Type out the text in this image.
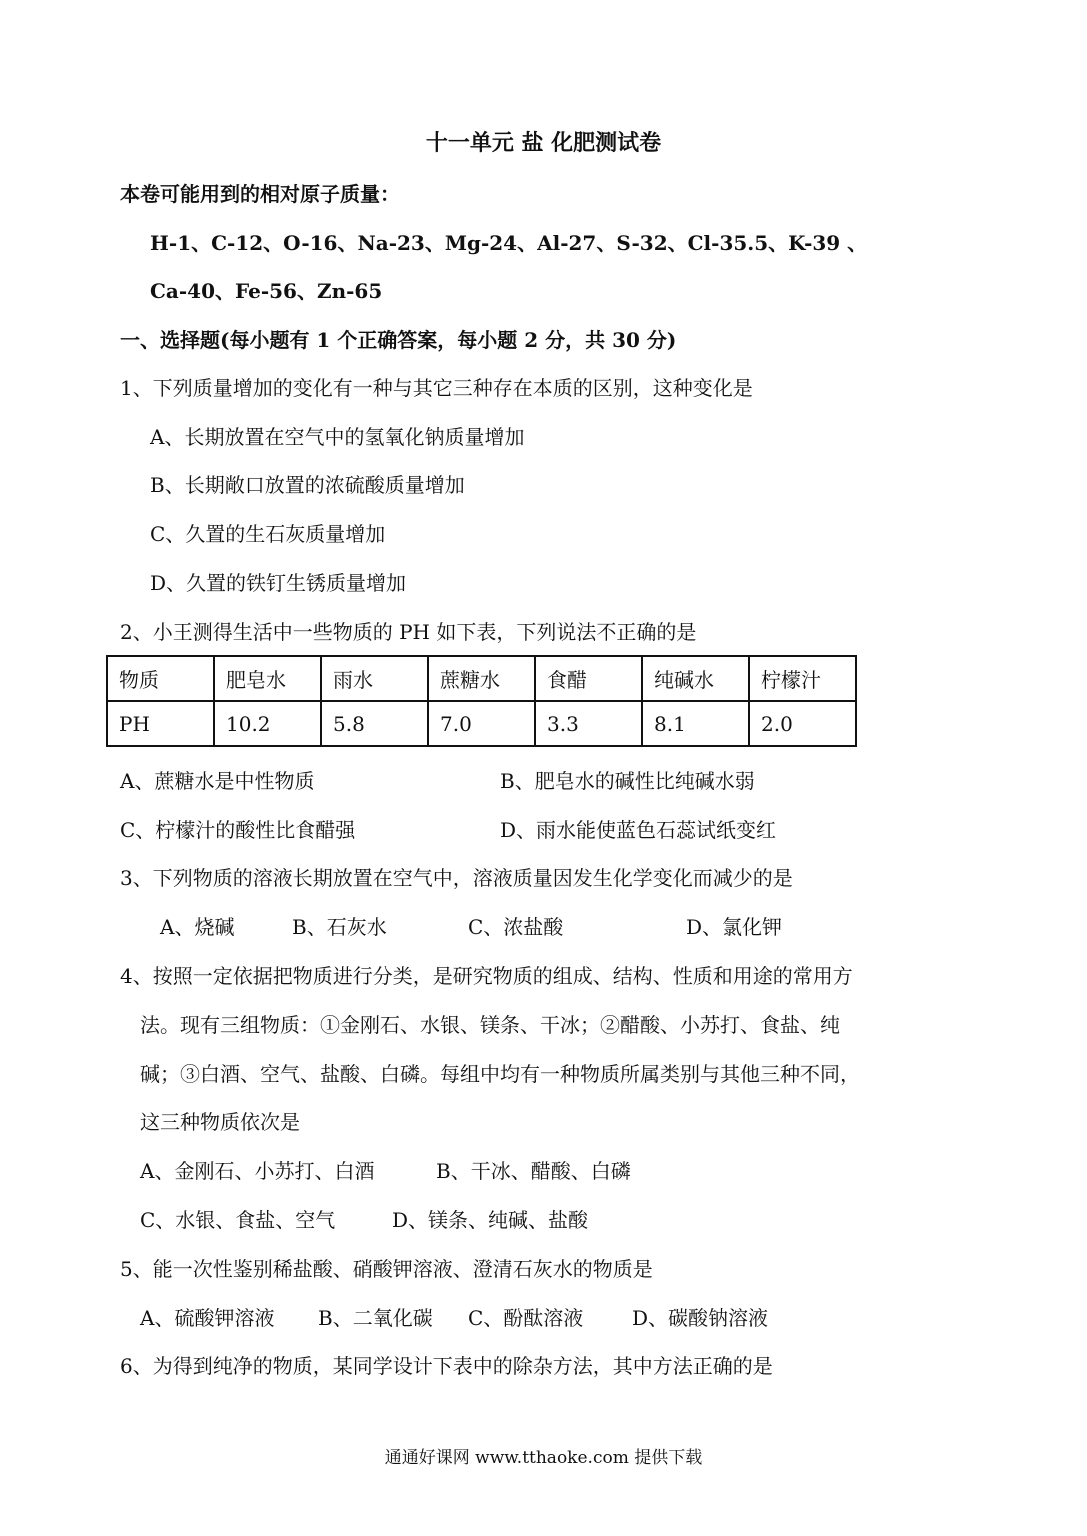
十一单元 盐 化肥测试卷
本卷可能用到的相对原子质量：
H-1、C-12、O-16、Na-23、Mg-24、Al-27、S-32、Cl-35.5、K-39 、
Ca-40、Fe-56、Zn-65
一、选择题(每小题有 1 个正确答案，每小题 2 分，共 30 分)
1、下列质量增加的变化有一种与其它三种存在本质的区别，这种变化是
A、长期放置在空气中的氢氧化钠质量增加
B、长期敞口放置的浓硫酸质量增加
C、久置的生石灰质量增加
D、久置的铁钉生锈质量增加
2、小王测得生活中一些物质的 PH 如下表，下列说法不正确的是
物质	肥皂水	雨水	蔗糖水	食醋	纯碱水	柠檬汁
PH	10.2	5.8	7.0	3.3	8.1	2.0
A、蔗糖水是中性物质	B、肥皂水的碱性比纯碱水弱
C、柠檬汁的酸性比食醋强	D、雨水能使蓝色石蕊试纸变红
3、下列物质的溶液长期放置在空气中，溶液质量因发生化学变化而减少的是
A、烧碱	B、石灰水	C、浓盐酸	D、氯化钾
4、按照一定依据把物质进行分类，是研究物质的组成、结构、性质和用途的常用方
法。现有三组物质：①金刚石、水银、镁条、干冰；②醋酸、小苏打、食盐、纯
碱；③白酒、空气、盐酸、白磷。每组中均有一种物质所属类别与其他三种不同，
这三种物质依次是
A、金刚石、小苏打、白酒	B、干冰、醋酸、白磷
C、水银、食盐、空气	D、镁条、纯碱、盐酸
5、能一次性鉴别稀盐酸、硝酸钾溶液、澄清石灰水的物质是
A、硫酸钾溶液 B、二氧化碳 C、酚酞溶液 D、碳酸钠溶液
6、为得到纯净的物质，某同学设计下表中的除杂方法，其中方法正确的是
通通好课网 www.tthaoke.com 提供下载
